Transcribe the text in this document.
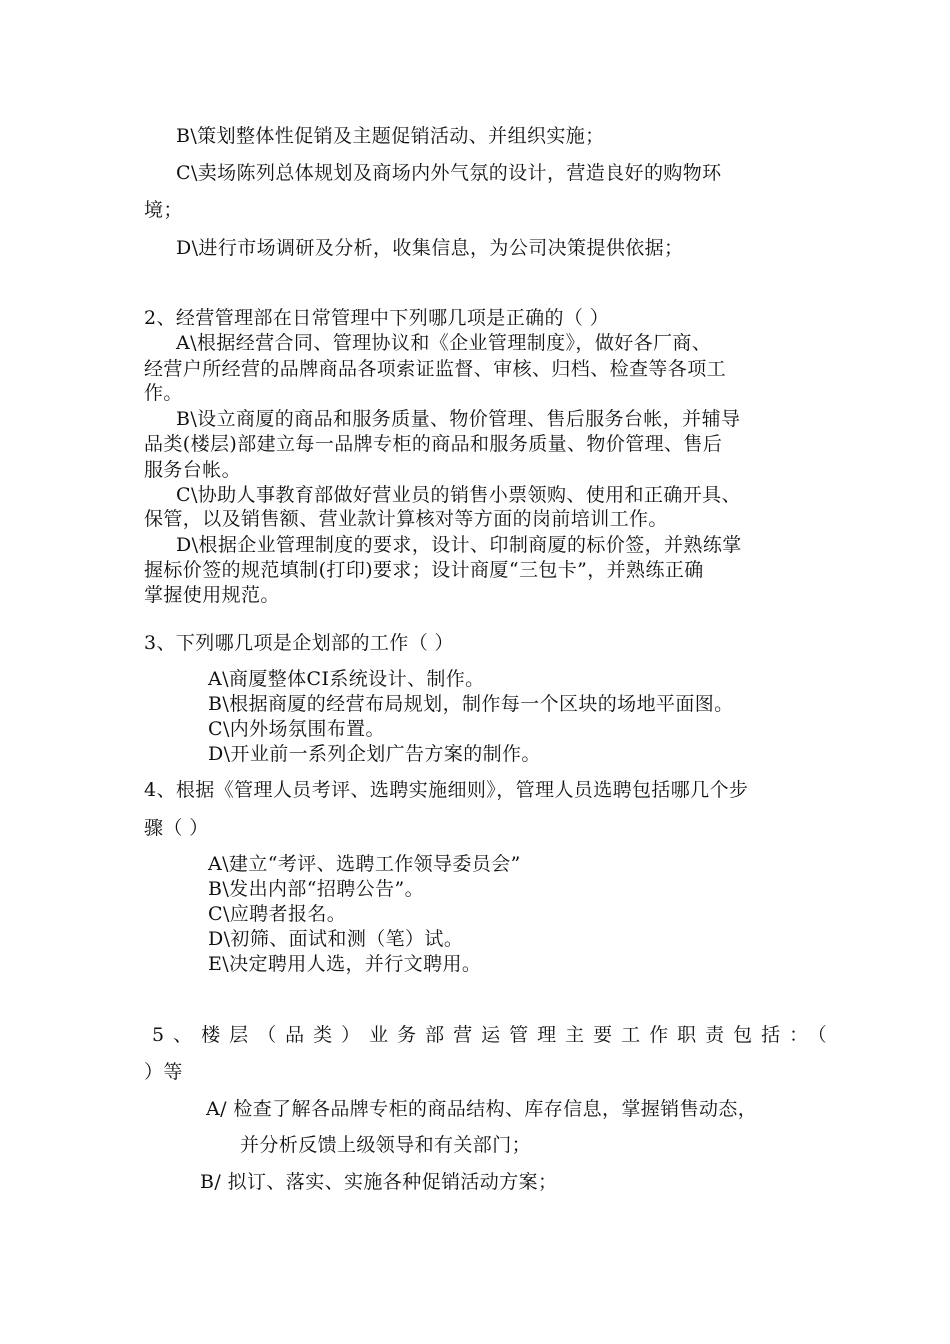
B\策划整体性促销及主题促销活动、并组织实施；
C\卖场陈列总体规划及商场内外气氛的设计，营造良好的购物环
境；
D\进行市场调研及分析，收集信息，为公司决策提供依据；
2、经营管理部在日常管理中下列哪几项是正确的（ ）
A\根据经营合同、管理协议和《企业管理制度》，做好各厂商、
经营户所经营的品牌商品各项索证监督、审核、归档、检查等各项工
作。
B\设立商厦的商品和服务质量、物价管理、售后服务台帐，并辅导
品类(楼层)部建立每一品牌专柜的商品和服务质量、物价管理、售后
服务台帐。
C\协助人事教育部做好营业员的销售小票领购、使用和正确开具、
保管，以及销售额、营业款计算核对等方面的岗前培训工作。
D\根据企业管理制度的要求，设计、印制商厦的标价签，并熟练掌
握标价签的规范填制(打印)要求；设计商厦“三包卡”，并熟练正确
掌握使用规范。
3、下列哪几项是企划部的工作（ ）
A\商厦整体CI系统设计、制作。
B\根据商厦的经营布局规划，制作每一个区块的场地平面图。
C\内外场氛围布置。
D\开业前一系列企划广告方案的制作。
4、根据《管理人员考评、选聘实施细则》，管理人员选聘包括哪几个步
骤（ ）
A\建立“考评、选聘工作领导委员会”
B\发出内部“招聘公告”。
C\应聘者报名。
D\初筛、面试和测（笔）试。
E\决定聘用人选，并行文聘用。
5、楼层（品类）业务部营运管理主要工作职责包括：（
）等
A/ 检查了解各品牌专柜的商品结构、库存信息，掌握销售动态，
并分析反馈上级领导和有关部门；
B/ 拟订、落实、实施各种促销活动方案；
